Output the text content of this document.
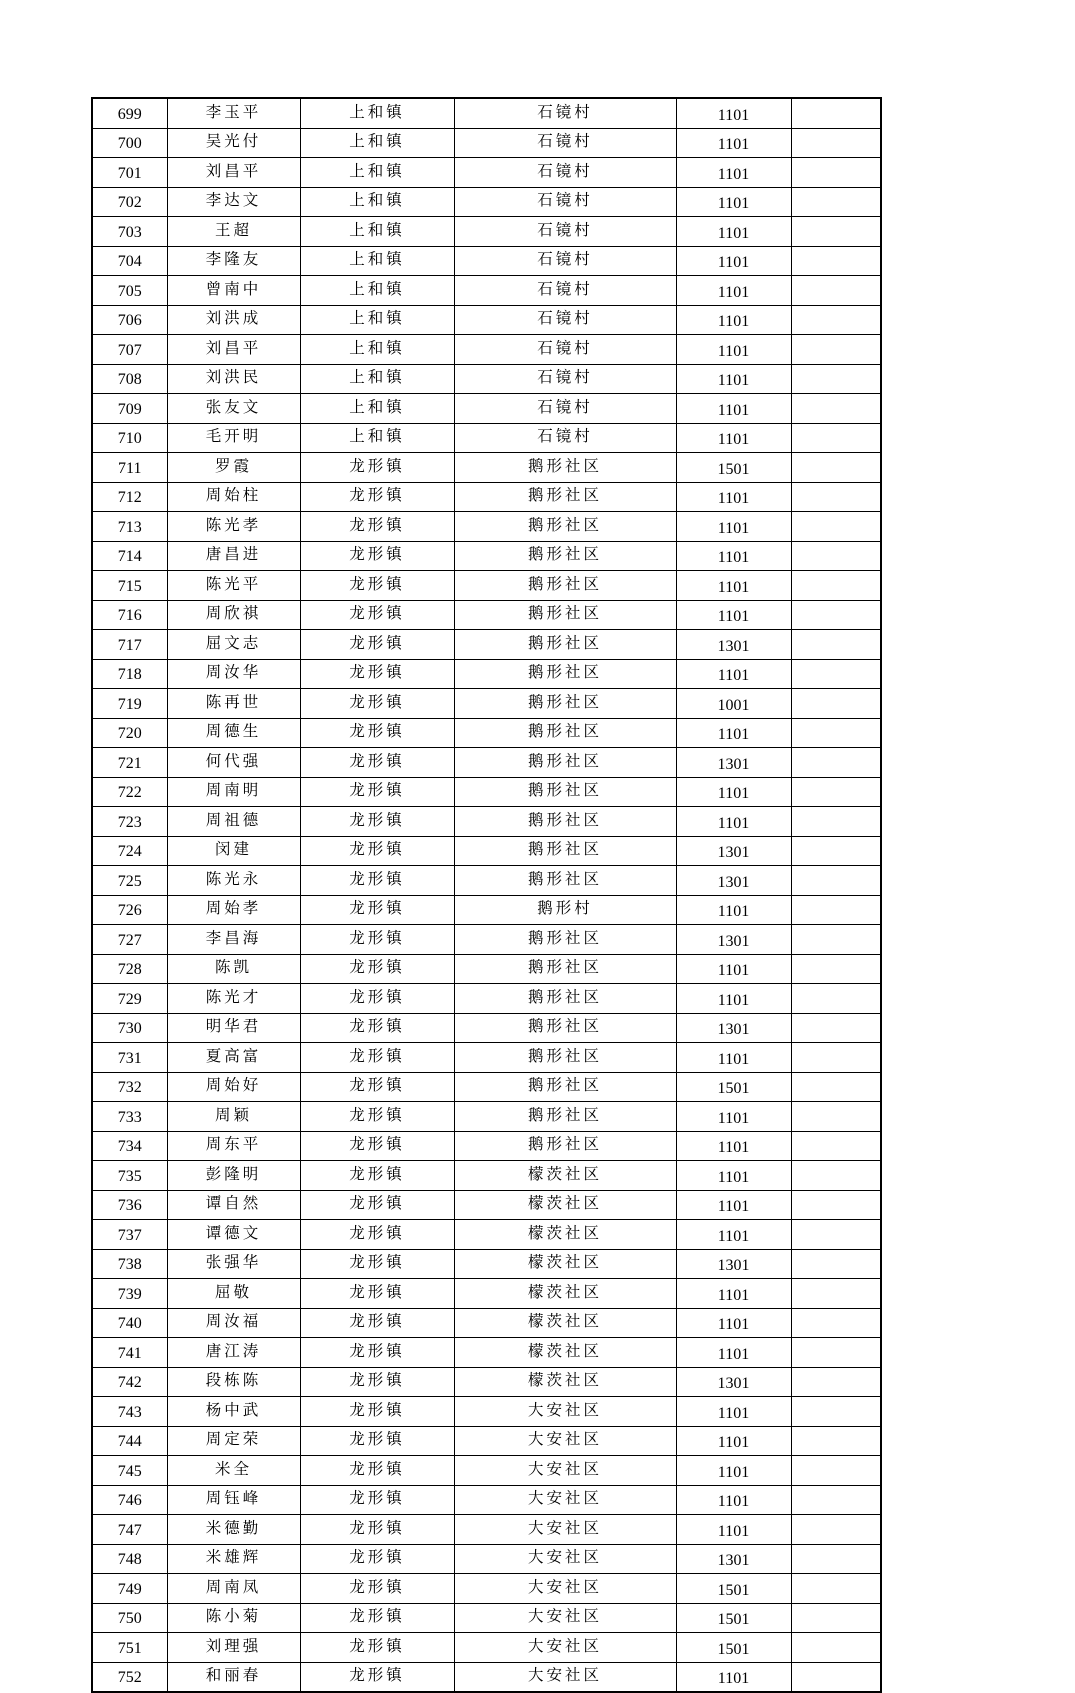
699	李玉平	上和镇	石镜村	1101	
700	吴光付	上和镇	石镜村	1101	
701	刘昌平	上和镇	石镜村	1101	
702	李达文	上和镇	石镜村	1101	
703	王超	上和镇	石镜村	1101	
704	李隆友	上和镇	石镜村	1101	
705	曾南中	上和镇	石镜村	1101	
706	刘洪成	上和镇	石镜村	1101	
707	刘昌平	上和镇	石镜村	1101	
708	刘洪民	上和镇	石镜村	1101	
709	张友文	上和镇	石镜村	1101	
710	毛开明	上和镇	石镜村	1101	
711	罗霞	龙形镇	鹅形社区	1501	
712	周始柱	龙形镇	鹅形社区	1101	
713	陈光孝	龙形镇	鹅形社区	1101	
714	唐昌进	龙形镇	鹅形社区	1101	
715	陈光平	龙形镇	鹅形社区	1101	
716	周欣祺	龙形镇	鹅形社区	1101	
717	屈文志	龙形镇	鹅形社区	1301	
718	周汝华	龙形镇	鹅形社区	1101	
719	陈再世	龙形镇	鹅形社区	1001	
720	周德生	龙形镇	鹅形社区	1101	
721	何代强	龙形镇	鹅形社区	1301	
722	周南明	龙形镇	鹅形社区	1101	
723	周祖德	龙形镇	鹅形社区	1101	
724	闵建	龙形镇	鹅形社区	1301	
725	陈光永	龙形镇	鹅形社区	1301	
726	周始孝	龙形镇	鹅形村	1101	
727	李昌海	龙形镇	鹅形社区	1301	
728	陈凯	龙形镇	鹅形社区	1101	
729	陈光才	龙形镇	鹅形社区	1101	
730	明华君	龙形镇	鹅形社区	1301	
731	夏高富	龙形镇	鹅形社区	1101	
732	周始好	龙形镇	鹅形社区	1501	
733	周颖	龙形镇	鹅形社区	1101	
734	周东平	龙形镇	鹅形社区	1101	
735	彭隆明	龙形镇	檬茨社区	1101	
736	谭自然	龙形镇	檬茨社区	1101	
737	谭德文	龙形镇	檬茨社区	1101	
738	张强华	龙形镇	檬茨社区	1301	
739	屈敬	龙形镇	檬茨社区	1101	
740	周汝福	龙形镇	檬茨社区	1101	
741	唐江涛	龙形镇	檬茨社区	1101	
742	段栋陈	龙形镇	檬茨社区	1301	
743	杨中武	龙形镇	大安社区	1101	
744	周定荣	龙形镇	大安社区	1101	
745	米全	龙形镇	大安社区	1101	
746	周钰峰	龙形镇	大安社区	1101	
747	米德勤	龙形镇	大安社区	1101	
748	米雄辉	龙形镇	大安社区	1301	
749	周南凤	龙形镇	大安社区	1501	
750	陈小菊	龙形镇	大安社区	1501	
751	刘理强	龙形镇	大安社区	1501	
752	和丽春	龙形镇	大安社区	1101	
